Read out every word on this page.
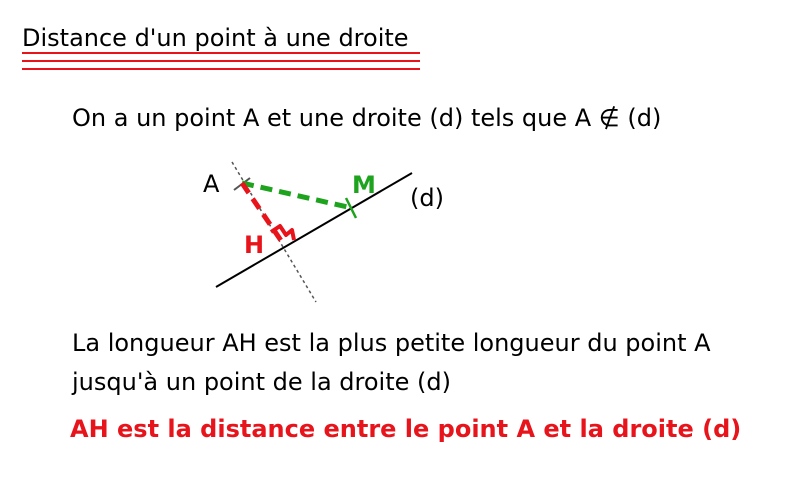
Distance d'un point à une droite
On a un point A et une droite (d) tels que A ∉ (d)
A	M
H
(d)
La longueur AH est la plus petite longueur du point A
jusqu'à un point de la droite (d)
AH est la distance entre le point A et la droite (d)
